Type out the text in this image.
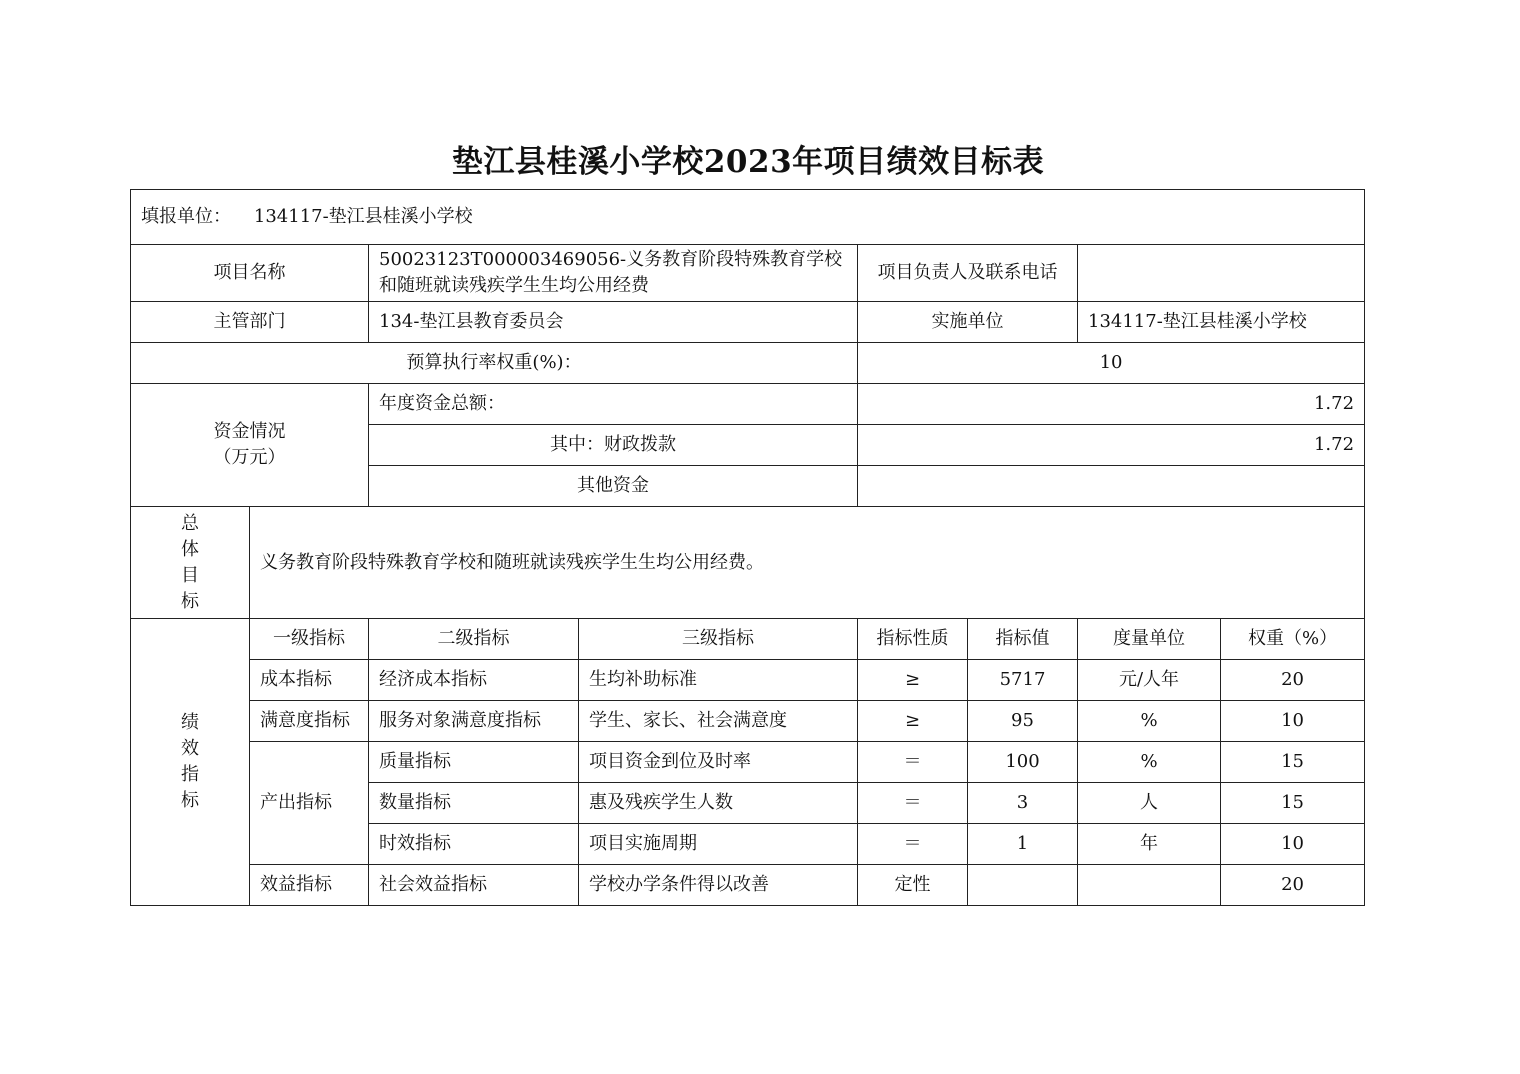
垫江县桂溪小学校2023年项目绩效目标表
填报单位： 134117-垫江县桂溪小学校							
项目名称		50023123T000003469056-义务教育阶段特殊教育学校
和随班就读残疾学生生均公用经费		项目负责人及联系电话			
主管部门		134-垫江县教育委员会		实施单位		134117-垫江县桂溪小学校	
预算执行率权重(%)：				10			

资金情况
（万元）		年度资金总额：		1.72			
		其中：财政拨款		1.72			
		其他资金					

总
体
目
标	义务教育阶段特殊教育学校和随班就读残疾学生生均公用经费。						

绩
效
指
标	一级指标	二级指标	三级指标	指标性质	指标值	度量单位	权重（%）
	成本指标	经济成本指标	生均补助标准	≥	5717	元/人年	20
	满意度指标	服务对象满意度指标	学生、家长、社会满意度	≥	95	%	10
	产出指标	质量指标	项目资金到位及时率	＝	100	%	15
		数量指标	惠及残疾学生人数	＝	3	人	15
		时效指标	项目实施周期	＝	1	年	10
	效益指标	社会效益指标	学校办学条件得以改善	定性			20
